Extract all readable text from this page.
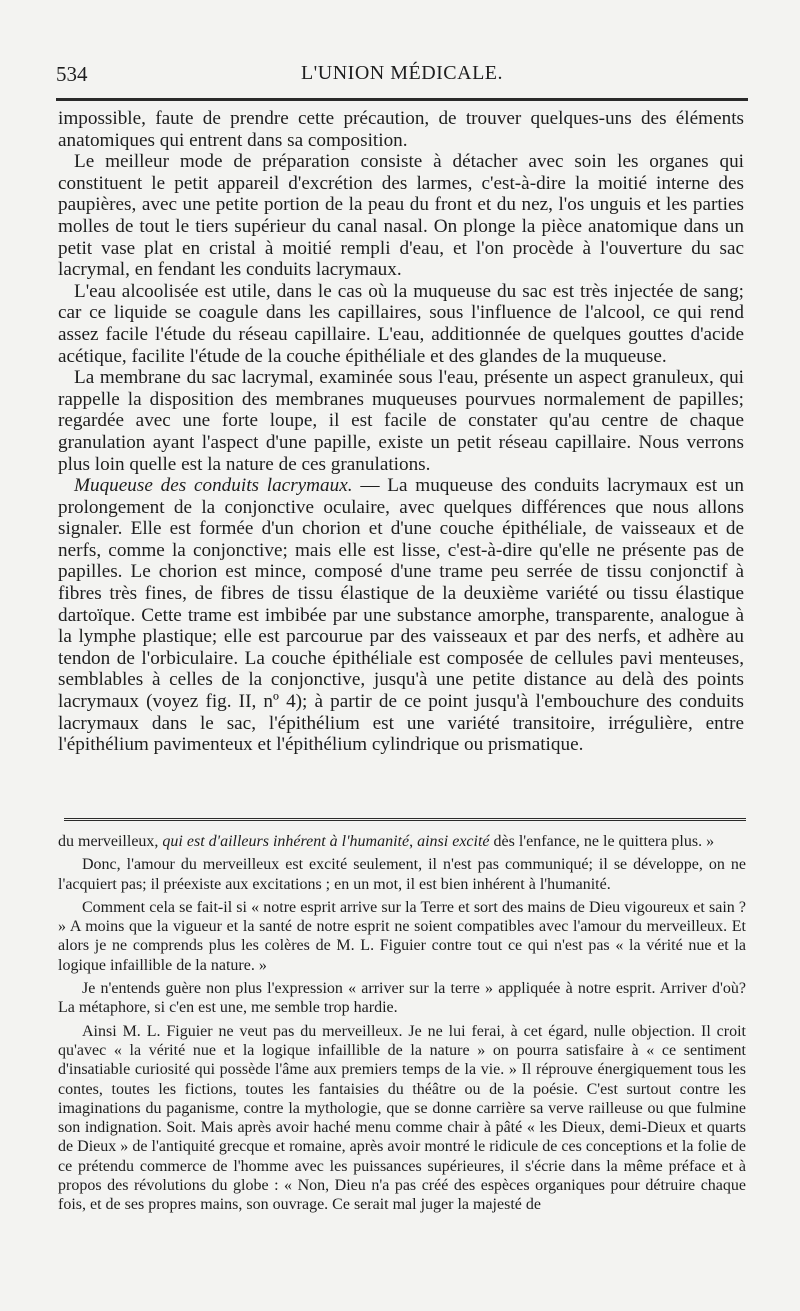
534	L'UNION MÉDICALE.

impossible, faute de prendre cette précaution, de trouver quelques-uns des éléments anatomiques qui entrent dans sa composition.

Le meilleur mode de préparation consiste à détacher avec soin les organes qui constituent le petit appareil d'excrétion des larmes, c'est-à-dire la moitié interne des paupières, avec une petite portion de la peau du front et du nez, l'os unguis et les parties molles de tout le tiers supérieur du canal nasal. On plonge la pièce anatomique dans un petit vase plat en cristal à moitié rempli d'eau, et l'on procède à l'ouverture du sac lacrymal, en fendant les conduits lacrymaux.

L'eau alcoolisée est utile, dans le cas où la muqueuse du sac est très injectée de sang; car ce liquide se coagule dans les capillaires, sous l'influence de l'alcool, ce qui rend assez facile l'étude du réseau capillaire. L'eau, additionnée de quelques gouttes d'acide acétique, facilite l'étude de la couche épithéliale et des glandes de la muqueuse.

La membrane du sac lacrymal, examinée sous l'eau, présente un aspect granuleux, qui rappelle la disposition des membranes muqueuses pourvues normalement de papilles; regardée avec une forte loupe, il est facile de constater qu'au centre de chaque granulation ayant l'aspect d'une papille, existe un petit réseau capillaire. Nous verrons plus loin quelle est la nature de ces granulations.

Muqueuse des conduits lacrymaux. — La muqueuse des conduits lacrymaux est un prolongement de la conjonctive oculaire, avec quelques différences que nous allons signaler. Elle est formée d'un chorion et d'une couche épithéliale, de vaisseaux et de nerfs, comme la conjonctive; mais elle est lisse, c'est-à-dire qu'elle ne présente pas de papilles. Le chorion est mince, composé d'une trame peu serrée de tissu conjonctif à fibres très fines, de fibres de tissu élastique de la deuxième variété ou tissu élastique dartoïque. Cette trame est imbibée par une substance amorphe, transparente, analogue à la lymphe plastique; elle est parcourue par des vaisseaux et par des nerfs, et adhère au tendon de l'orbiculaire. La couche épithéliale est composée de cellules pavi menteuses, semblables à celles de la conjonctive, jusqu'à une petite distance au delà des points lacrymaux (voyez fig. II, nº 4); à partir de ce point jusqu'à l'embouchure des conduits lacrymaux dans le sac, l'épithélium est une variété transitoire, irrégulière, entre l'épithélium pavimenteux et l'épithélium cylindrique ou prismatique.

du merveilleux, qui est d'ailleurs inhérent à l'humanité, ainsi excité dès l'enfance, ne le quittera plus. »

Donc, l'amour du merveilleux est excité seulement, il n'est pas communiqué; il se développe, on ne l'acquiert pas; il préexiste aux excitations ; en un mot, il est bien inhérent à l'humanité.

Comment cela se fait-il si « notre esprit arrive sur la Terre et sort des mains de Dieu vigoureux et sain ? » A moins que la vigueur et la santé de notre esprit ne soient compatibles avec l'amour du merveilleux. Et alors je ne comprends plus les colères de M. L. Figuier contre tout ce qui n'est pas « la vérité nue et la logique infaillible de la nature. »

Je n'entends guère non plus l'expression « arriver sur la terre » appliquée à notre esprit. Arriver d'où? La métaphore, si c'en est une, me semble trop hardie.

Ainsi M. L. Figuier ne veut pas du merveilleux. Je ne lui ferai, à cet égard, nulle objection. Il croit qu'avec « la vérité nue et la logique infaillible de la nature » on pourra satisfaire à « ce sentiment d'insatiable curiosité qui possède l'âme aux premiers temps de la vie. » Il réprouve énergiquement tous les contes, toutes les fictions, toutes les fantaisies du théâtre ou de la poésie. C'est surtout contre les imaginations du paganisme, contre la mythologie, que se donne carrière sa verve railleuse ou que fulmine son indignation. Soit. Mais après avoir haché menu comme chair à pâté « les Dieux, demi-Dieux et quarts de Dieux » de l'antiquité grecque et romaine, après avoir montré le ridicule de ces conceptions et la folie de ce prétendu commerce de l'homme avec les puissances supérieures, il s'écrie dans la même préface et à propos des révolutions du globe : « Non, Dieu n'a pas créé des espèces organiques pour détruire chaque fois, et de ses propres mains, son ouvrage. Ce serait mal juger la majesté de
